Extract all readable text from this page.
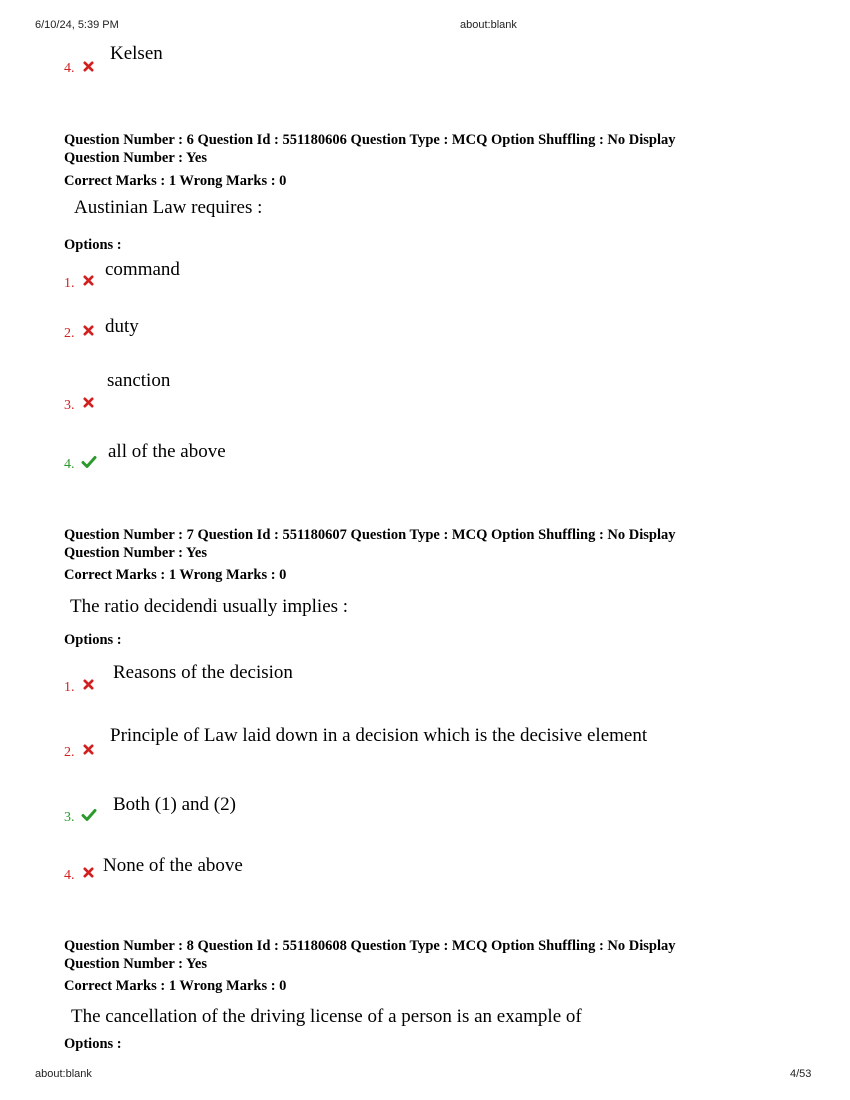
6/10/24, 5:39 PM	about:blank
4.
Kelsen
Question Number : 6 Question Id : 551180606 Question Type : MCQ Option Shuffling : No Display
Question Number : Yes
Correct Marks : 1 Wrong Marks : 0
Austinian Law requires :
Options :
1.
command
2. duty
3.
sanction
4.
all of the above
Question Number : 7 Question Id : 551180607 Question Type : MCQ Option Shuffling : No Display
Question Number : Yes
Correct Marks : 1 Wrong Marks : 0
The ratio decidendi usually implies :
Options :
1.
Reasons of the decision
2.
Principle of Law laid down in a decision which is the decisive element
3.
Both (1) and (2)
4. None of the above
Question Number : 8 Question Id : 551180608 Question Type : MCQ Option Shuffling : No Display
Question Number : Yes
Correct Marks : 1 Wrong Marks : 0
The cancellation of the driving license of a person is an example of
Options :
about:blank	4/53
